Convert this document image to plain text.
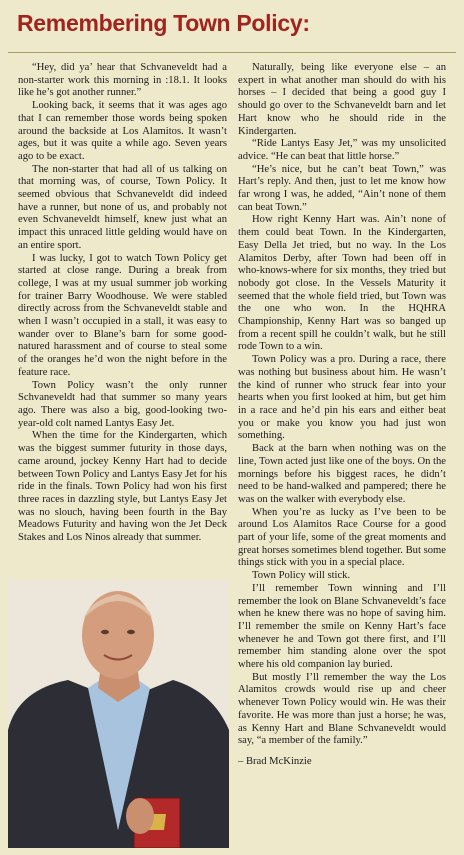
Remembering Town Policy:

“Hey, did ya’ hear that Schvaneveldt had a non-starter work this morning in :18.1. It looks like he’s got another runner.”

Looking back, it seems that it was ages ago that I can remember those words being spoken around the backside at Los Alamitos. It wasn’t ages, but it was quite a while ago. Seven years ago to be exact.

The non-starter that had all of us talking on that morning was, of course, Town Policy. It seemed obvious that Schvaneveldt did indeed have a runner, but none of us, and probably not even Schvaneveldt himself, knew just what an impact this unraced little gelding would have on an entire sport.

I was lucky, I got to watch Town Policy get started at close range. During a break from college, I was at my usual summer job working for trainer Barry Woodhouse. We were stabled directly across from the Schvaneveldt stable and when I wasn’t occupied in a stall, it was easy to wander over to Blane’s barn for some good-natured harassment and of course to steal some of the oranges he’d won the night before in the feature race.

Town Policy wasn’t the only runner Schvaneveldt had that summer so many years ago. There was also a big, good-looking two-year-old colt named Lantys Easy Jet.

When the time for the Kindergarten, which was the biggest summer futurity in those days, came around, jockey Kenny Hart had to decide between Town Policy and Lantys Easy Jet for his ride in the finals. Town Policy had won his first three races in dazzling style, but Lantys Easy Jet was no slouch, having been fourth in the Bay Meadows Futurity and having won the Jet Deck Stakes and Los Ninos already that summer.

Naturally, being like everyone else – an expert in what another man should do with his horses – I decided that being a good guy I should go over to the Schvaneveldt barn and let Hart know who he should ride in the Kindergarten.

“Ride Lantys Easy Jet,” was my unsolicited advice. “He can beat that little horse.”

“He’s nice, but he can’t beat Town,” was Hart’s reply. And then, just to let me know how far wrong I was, he added, “Ain’t none of them can beat Town.”

How right Kenny Hart was. Ain’t none of them could beat Town. In the Kindergarten, Easy Della Jet tried, but no way. In the Los Alamitos Derby, after Town had been off in who-knows-where for six months, they tried but nobody got close. In the Vessels Maturity it seemed that the whole field tried, but Town was the one who won. In the HQHRA Championship, Kenny Hart was so banged up from a recent spill he couldn’t walk, but he still rode Town to a win.

Town Policy was a pro. During a race, there was nothing but business about him. He wasn’t the kind of runner who struck fear into your hearts when you first looked at him, but get him in a race and he’d pin his ears and either beat you or make you know you had just won something.

Back at the barn when nothing was on the line, Town acted just like one of the boys. On the mornings before his biggest races, he didn’t need to be hand-walked and pampered; there he was on the walker with everybody else.

When you’re as lucky as I’ve been to be around Los Alamitos Race Course for a good part of your life, some of the great moments and great horses sometimes blend together. But some things stick with you in a special place.

Town Policy will stick.

I’ll remember Town winning and I’ll remember the look on Blane Schvaneveldt’s face when he knew there was no hope of saving him. I’ll remember the smile on Kenny Hart’s face whenever he and Town got there first, and I’ll remember him standing alone over the spot where his old companion lay buried.

But mostly I’ll remember the way the Los Alamitos crowds would rise up and cheer whenever Town Policy would win. He was their favorite. He was more than just a horse; he was, as Kenny Hart and Blane Schvaneveldt would say, “a member of the family.”

– Brad McKinzie
